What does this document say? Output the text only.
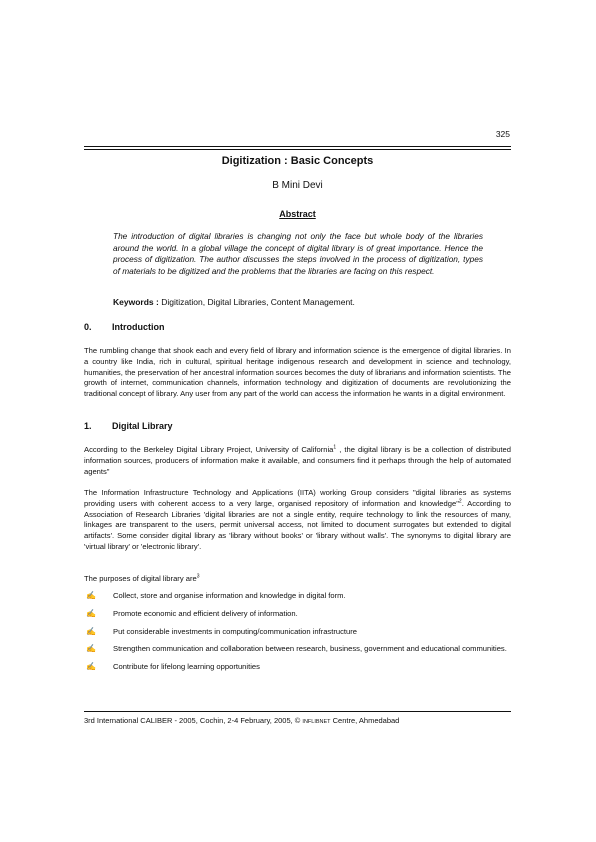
325
Digitization : Basic Concepts
B Mini Devi
Abstract

The introduction of digital libraries is changing not only the face but whole body of the libraries around the world. In a global village the concept of digital library is of great importance. Hence the process of digitization. The author discusses the steps involved in the process of digitization, types of materials to be digitized and the problems that the libraries are facing on this respect.

Keywords : Digitization, Digital Libraries, Content Management.
0. Introduction

The rumbling change that shook each and every field of library and information science is the emergence of digital libraries. In a country like India, rich in cultural, spiritual heritage indigenous research and development in science and technology, humanities, the preservation of her ancestral information sources becomes the duty of librarians and information scientists. The growth of internet, communication channels, information technology and digitization of documents are revolutionizing the traditional concept of library. Any user from any part of the world can access the information he wants in a digital environment.

1. Digital Library

According to the Berkeley Digital Library Project, University of California$^1$ , the digital library is be a collection of distributed information sources, producers of information make it available, and consumers find it perhaps through the help of automated agents"

The Information Infrastructure Technology and Applications (IITA) working Group considers "digital libraries as systems providing users with coherent access to a very large, organised repository of information and knowledge"$^2$. According to Association of Research Libraries 'digital libraries are not a single entity, require technology to link the resources of many, linkages are transparent to the users, permit universal access, not limited to document surrogates but extended to digital artifacts'. Some consider digital library as 'library without books' or 'library without walls'. The synonyms to digital library are 'virtual library' or 'electronic library'.

The purposes of digital library are$^3$

✍ Collect, store and organise information and knowledge in digital form.
✍ Promote economic and efficient delivery of information.
✍ Put considerable investments in computing/communication infrastructure
✍ Strengthen communication and collaboration between research, business, government and educational communities.
✍ Contribute for lifelong learning opportunities
3rd International CALIBER - 2005, Cochin, 2-4 February, 2005, © INFLIBNET Centre, Ahmedabad
